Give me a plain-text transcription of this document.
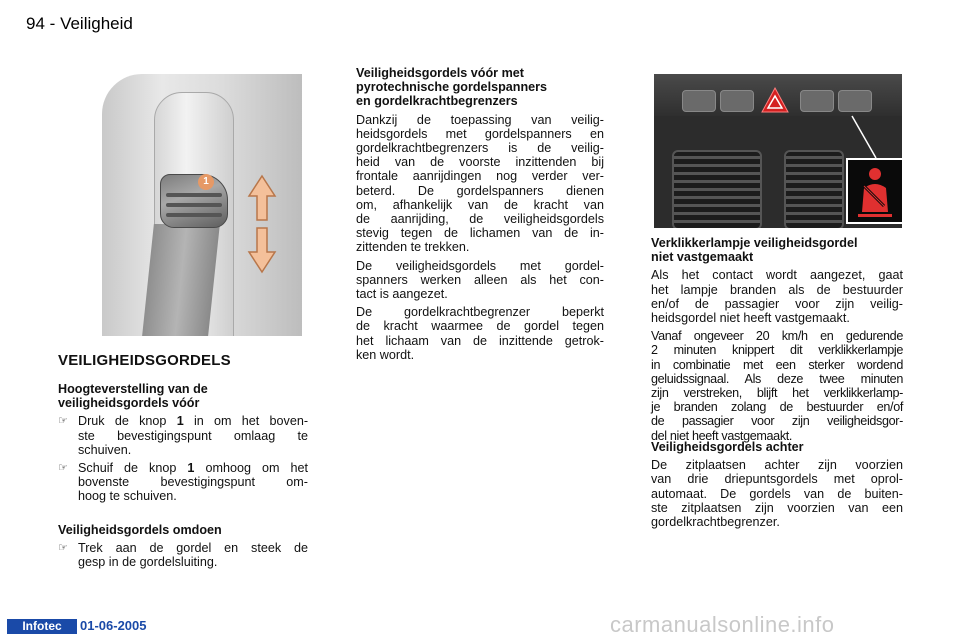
94 - Veiligheid
1
VEILIGHEIDSGORDELS
Hoogteverstelling van de
veiligheidsgordels vóór
☞ Druk de knop 1 in om het boven-
ste bevestigingspunt omlaag te
schuiven.
☞ Schuif de knop 1 omhoog om het
bovenste bevestigingspunt om-
hoog te schuiven.
Veiligheidsgordels omdoen
☞ Trek aan de gordel en steek de
gesp in de gordelsluiting.
Veiligheidsgordels vóór met
pyrotechnische gordelspanners
en gordelkrachtbegrenzers
Dankzij de toepassing van veilig-
heidsgordels met gordelspanners en
gordelkrachtbegrenzers is de veilig-
heid van de voorste inzittenden bij
frontale aanrijdingen nog verder ver-
beterd. De gordelspanners dienen
om, afhankelijk van de kracht van
de aanrijding, de veiligheidsgordels
stevig tegen de lichamen van de in-
zittenden te trekken.
De veiligheidsgordels met gordel-
spanners werken alleen als het con-
tact is aangezet.
De gordelkrachtbegrenzer beperkt
de kracht waarmee de gordel tegen
het lichaam van de inzittende getrok-
ken wordt.
Verklikkerlampje veiligheidsgordel
niet vastgemaakt
Als het contact wordt aangezet, gaat
het lampje branden als de bestuurder
en/of de passagier voor zijn veilig-
heidsgordel niet heeft vastgemaakt.
Vanaf ongeveer 20 km/h en gedurende
2 minuten knippert dit verklikkerlampje
in combinatie met een sterker wordend
geluidssignaal. Als deze twee minuten
zijn verstreken, blijft het verklikkerlamp-
je branden zolang de bestuurder en/of
de passagier voor zijn veiligheidsgor-
del niet heeft vastgemaakt.
Veiligheidsgordels achter
De zitplaatsen achter zijn voorzien
van drie driepuntsgordels met oprol-
automaat. De gordels van de buiten-
ste zitplaatsen zijn voorzien van een
gordelkrachtbegrenzer.
Infotec	01-06-2005	carmanualsonline.info
